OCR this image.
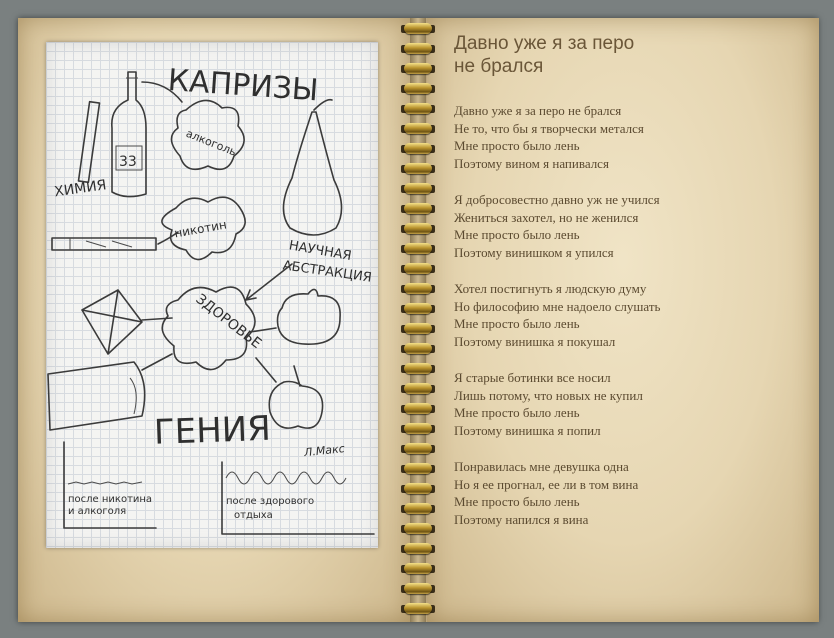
КАПРИЗЫ
ХИМИЯ
33
алкоголь
никотин
НАУЧНАЯ
АБСТРАКЦИЯ
ЗДОРОВЬЕ
ГЕНИЯ	Л.Макс
после никотина
и алкоголя
после здорового
отдыха
Давно уже я за перо
не брался
Давно уже я за перо не брался
Не то, что бы я творчески метался
Мне просто было лень
Поэтому вином я напивался
Я добросовестно давно уж не учился
Жениться захотел, но не женился
Мне просто было лень
Поэтому винишком я упился
Хотел постигнуть я людскую думу
Но философию мне надоело слушать
Мне просто было лень
Поэтому винишка я покушал
Я старые ботинки все носил
Лишь потому, что новых не купил
Мне просто было лень
Поэтому винишка я попил
Понравилась мне девушка одна
Но я ее прогнал, ее ли в том вина
Мне просто было лень
Поэтому напился я вина
